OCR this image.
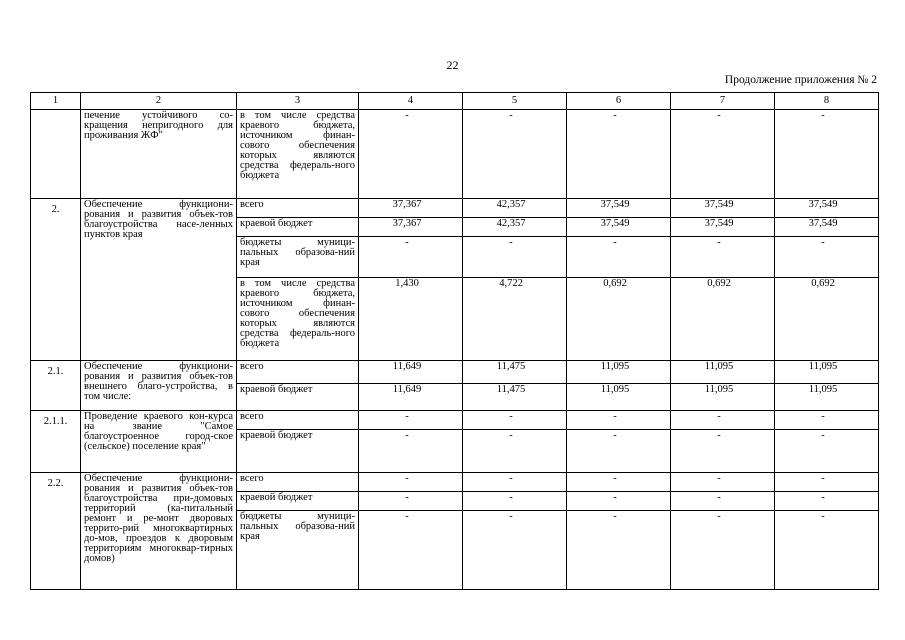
22
Продолжение приложения № 2
1	2	3	4	5	6	7	8
	печение устойчивого со-кращения непригодного для проживания ЖФ"	в том числе средства краевого бюджета, источником финан-сового обеспечения которых являются средства федераль-ного бюджета	-	-	-	-	-
2.	Обеспечение функциони-рования и развития объек-тов благоустройства насе-ленных пунктов края	всего	37,367	42,357	37,549	37,549	37,549
		краевой бюджет	37,367	42,357	37,549	37,549	37,549
		бюджеты муници-пальных образова-ний края	-	-	-	-	-
		в том числе средства краевого бюджета, источником финан-сового обеспечения которых являются средства федераль-ного бюджета	1,430	4,722	0,692	0,692	0,692
2.1.	Обеспечение функциони-рования и развития объек-тов внешнего благо-устройства, в том числе:	всего	11,649	11,475	11,095	11,095	11,095
		краевой бюджет	11,649	11,475	11,095	11,095	11,095
2.1.1.	Проведение краевого кон-курса на звание "Самое благоустроенное город-ское (сельское) поселение края"	всего	-	-	-	-	-
		краевой бюджет	-	-	-	-	-
2.2.	Обеспечение функциони-рования и развития объек-тов благоустройства при-домовых территорий (ка-питальный ремонт и ре-монт дворовых террито-рий многоквартирных до-мов, проездов к дворовым территориям многоквар-тирных домов)	всего	-	-	-	-	-
		краевой бюджет	-	-	-	-	-
		бюджеты муници-пальных образова-ний края	-	-	-	-	-
